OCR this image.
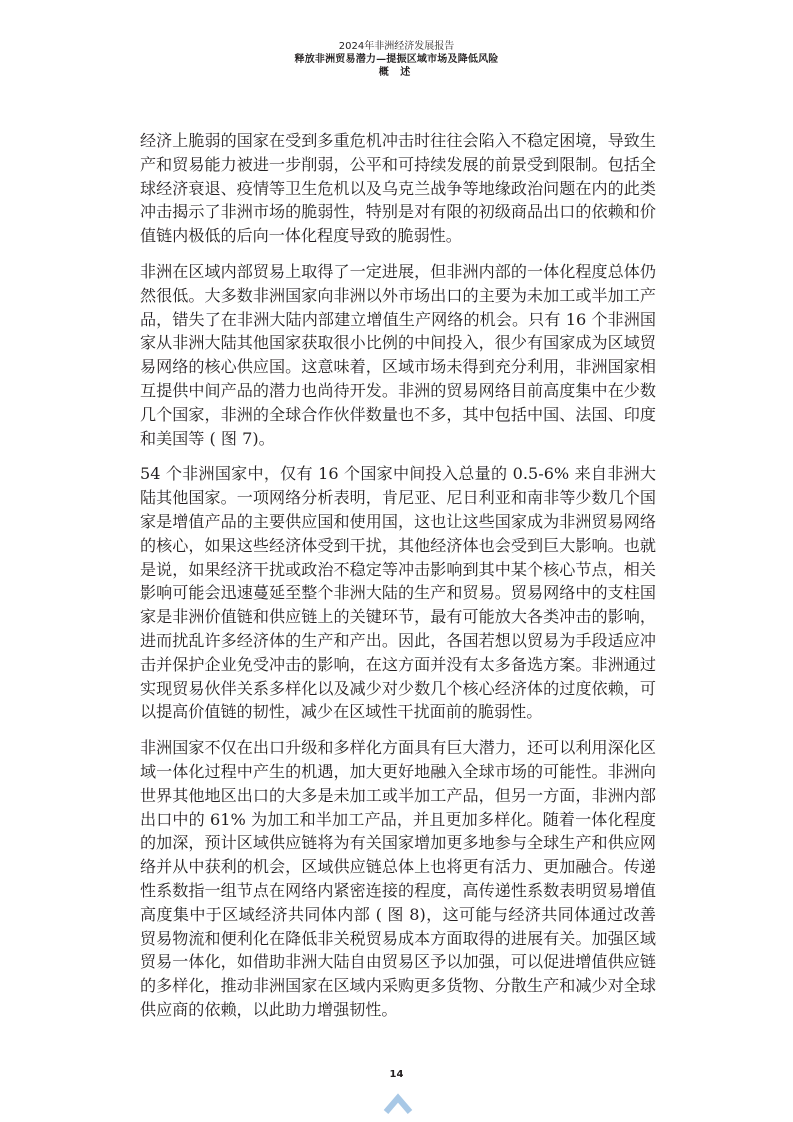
2024年非洲经济发展报告
释放非洲贸易潜力—提振区域市场及降低风险
概 述

经济上脆弱的国家在受到多重危机冲击时往往会陷入不稳定困境，导致生产和贸易能力被进一步削弱，公平和可持续发展的前景受到限制。包括全球经济衰退、疫情等卫生危机以及乌克兰战争等地缘政治问题在内的此类冲击揭示了非洲市场的脆弱性，特别是对有限的初级商品出口的依赖和价值链内极低的后向一体化程度导致的脆弱性。

非洲在区域内部贸易上取得了一定进展，但非洲内部的一体化程度总体仍然很低。大多数非洲国家向非洲以外市场出口的主要为未加工或半加工产品，错失了在非洲大陆内部建立增值生产网络的机会。只有 16 个非洲国家从非洲大陆其他国家获取很小比例的中间投入，很少有国家成为区域贸易网络的核心供应国。这意味着，区域市场未得到充分利用，非洲国家相互提供中间产品的潜力也尚待开发。非洲的贸易网络目前高度集中在少数几个国家，非洲的全球合作伙伴数量也不多，其中包括中国、法国、印度和美国等 ( 图 7)。

54 个非洲国家中，仅有 16 个国家中间投入总量的 0.5-6% 来自非洲大陆其他国家。一项网络分析表明，肯尼亚、尼日利亚和南非等少数几个国家是增值产品的主要供应国和使用国，这也让这些国家成为非洲贸易网络的核心，如果这些经济体受到干扰，其他经济体也会受到巨大影响。也就是说，如果经济干扰或政治不稳定等冲击影响到其中某个核心节点，相关影响可能会迅速蔓延至整个非洲大陆的生产和贸易。贸易网络中的支柱国家是非洲价值链和供应链上的关键环节，最有可能放大各类冲击的影响，进而扰乱许多经济体的生产和产出。因此，各国若想以贸易为手段适应冲击并保护企业免受冲击的影响，在这方面并没有太多备选方案。非洲通过实现贸易伙伴关系多样化以及减少对少数几个核心经济体的过度依赖，可以提高价值链的韧性，减少在区域性干扰面前的脆弱性。

非洲国家不仅在出口升级和多样化方面具有巨大潜力，还可以利用深化区域一体化过程中产生的机遇，加大更好地融入全球市场的可能性。非洲向世界其他地区出口的大多是未加工或半加工产品，但另一方面，非洲内部出口中的 61% 为加工和半加工产品，并且更加多样化。随着一体化程度的加深，预计区域供应链将为有关国家增加更多地参与全球生产和供应网络并从中获利的机会，区域供应链总体上也将更有活力、更加融合。传递性系数指一组节点在网络内紧密连接的程度，高传递性系数表明贸易增值高度集中于区域经济共同体内部 ( 图 8)，这可能与经济共同体通过改善贸易物流和便利化在降低非关税贸易成本方面取得的进展有关。加强区域贸易一体化，如借助非洲大陆自由贸易区予以加强，可以促进增值供应链的多样化，推动非洲国家在区域内采购更多货物、分散生产和减少对全球供应商的依赖，以此助力增强韧性。

14
